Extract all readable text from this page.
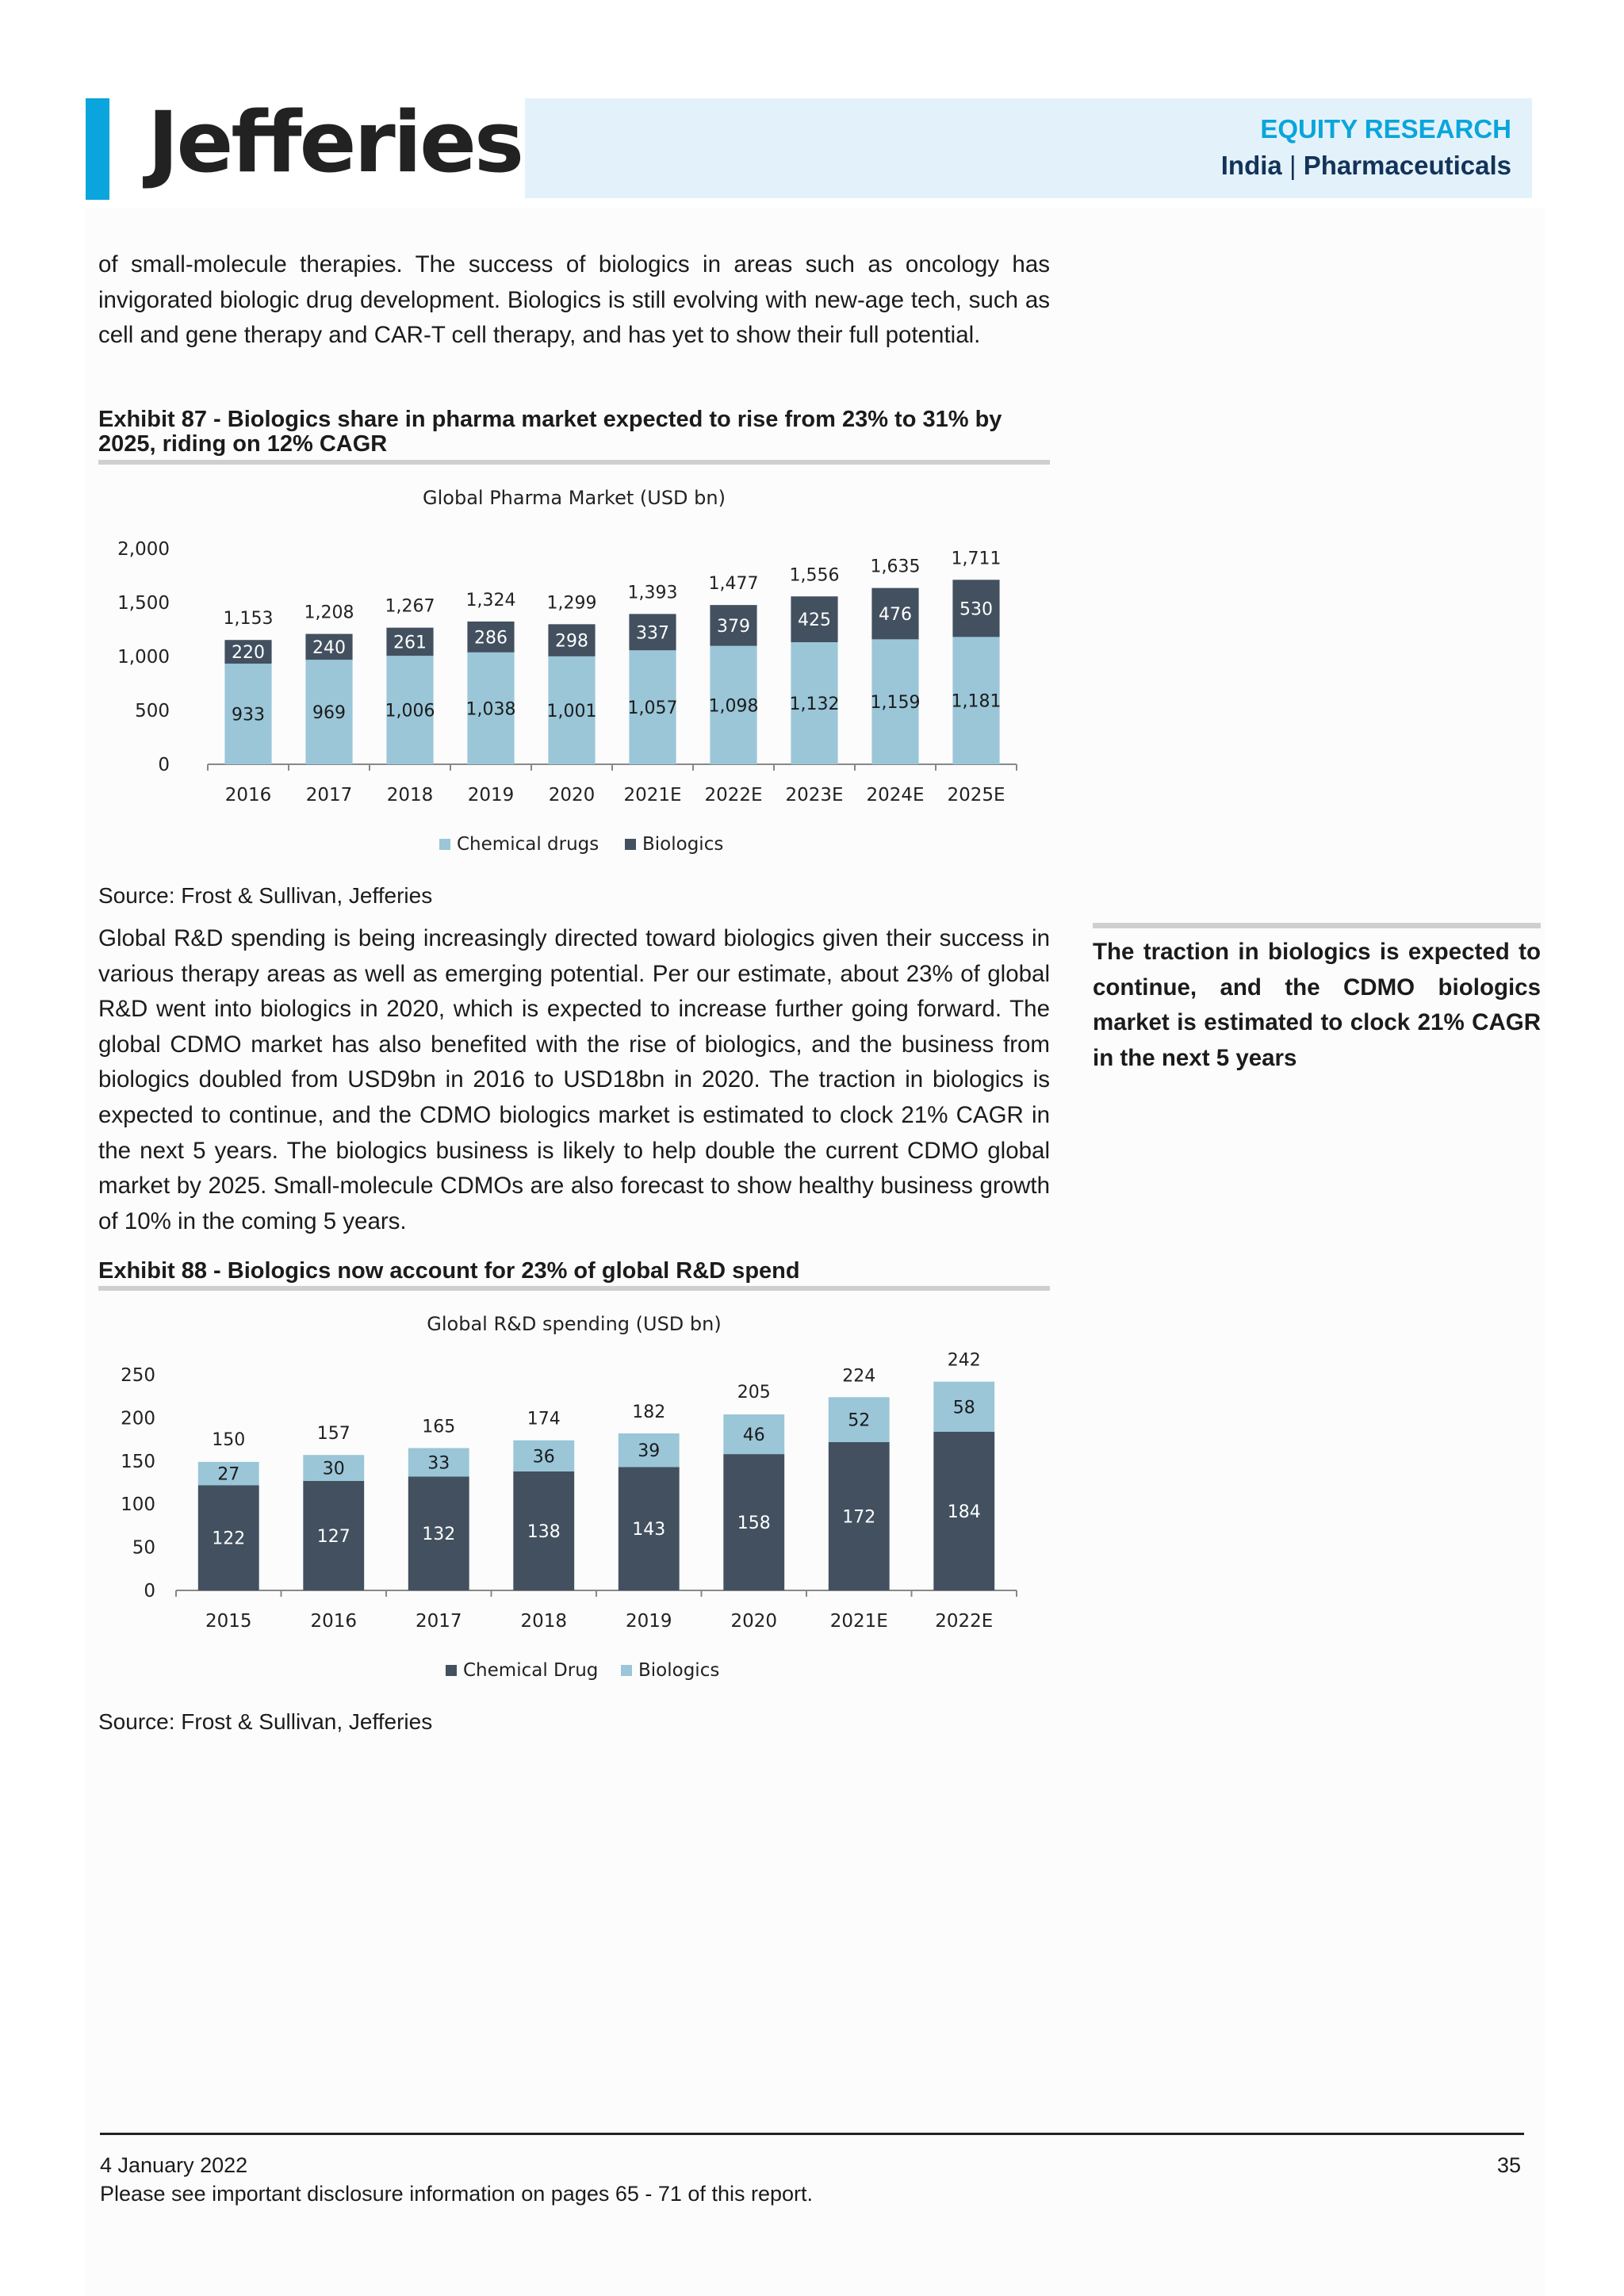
Jefferies	EQUITY RESEARCH
India | Pharmaceuticals
of small-molecule therapies. The success of biologics in areas such as oncology has invigorated biologic drug development. Biologics is still evolving with new-age tech, such as cell and gene therapy and CAR-T cell therapy, and has yet to show their full potential.
Exhibit 87 - Biologics share in pharma market expected to rise from 23% to 31% by 2025, riding on 12% CAGR
Global Pharma Market (USD bn)
0
500
1,000
1,500
2,000
933
220
1,153
2016
969
240
1,208
2017
1,006
261
1,267
2018
1,038
286
1,324
2019
1,001
298
1,299
2020
1,057
337
1,393
2021E
1,098
379
1,477
2022E
1,132
425
1,556
2023E
1,159
476
1,635
2024E
1,181
530
1,711
2025E
Chemical drugs Biologics
Source: Frost & Sullivan, Jefferies
Global R&D spending is being increasingly directed toward biologics given their success in various therapy areas as well as emerging potential. Per our estimate, about 23% of global R&D went into biologics in 2020, which is expected to increase further going forward. The global CDMO market has also benefited with the rise of biologics, and the business from biologics doubled from USD9bn in 2016 to USD18bn in 2020. The traction in biologics is expected to continue, and the CDMO biologics market is estimated to clock 21% CAGR in the next 5 years. The biologics business is likely to help double the current CDMO global market by 2025. Small-molecule CDMOs are also forecast to show healthy business growth of 10% in the coming 5 years.
The traction in biologics is expected to continue, and the CDMO biologics market is estimated to clock 21% CAGR in the next 5 years
Exhibit 88 - Biologics now account for 23% of global R&D spend
Global R&D spending (USD bn)
0
50
100
150
200
250
122
27
150
2015
127
30
157
2016
132
33
165
2017
138
36
174
2018
143
39
182
2019
158
46
205
2020
172
52
224
2021E
184
58
242
2022E
Chemical Drug Biologics
Source: Frost & Sullivan, Jefferies
4 January 2022	35
Please see important disclosure information on pages 65 - 71 of this report.
